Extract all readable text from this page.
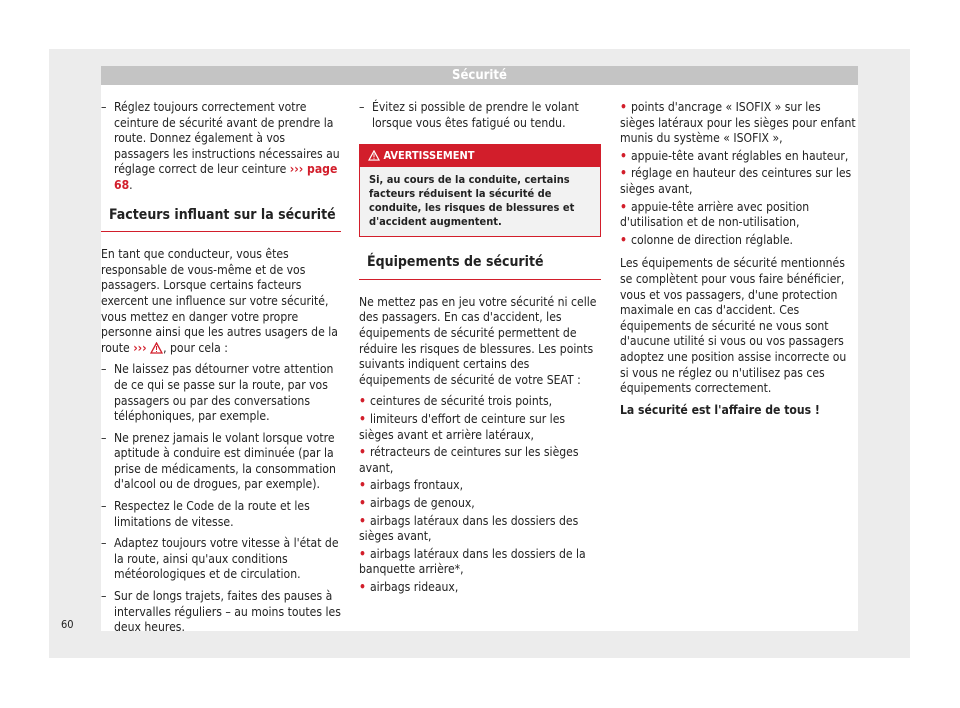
Sécurité
– Réglez toujours correctement votre ceinture de sécurité avant de prendre la route. Donnez également à vos passagers les instructions nécessaires au réglage correct de leur ceinture ››› page 68.
Facteurs influant sur la sécurité

En tant que conducteur, vous êtes responsable de vous-même et de vos passagers. Lorsque certains facteurs exercent une influence sur votre sécurité, vous mettez en danger votre propre personne ainsi que les autres usagers de la route ››› , pour cela :

– Ne laissez pas détourner votre attention de ce qui se passe sur la route, par vos passagers ou par des conversations téléphoniques, par exemple.
– Ne prenez jamais le volant lorsque votre aptitude à conduire est diminuée (par la prise de médicaments, la consommation d'alcool ou de drogues, par exemple).
– Respectez le Code de la route et les limitations de vitesse.
– Adaptez toujours votre vitesse à l'état de la route, ainsi qu'aux conditions météorologiques et de circulation.
– Sur de longs trajets, faites des pauses à intervalles réguliers – au moins toutes les deux heures.
– Évitez si possible de prendre le volant lorsque vous êtes fatigué ou tendu.
AVERTISSEMENT
Si, au cours de la conduite, certains facteurs réduisent la sécurité de conduite, les risques de blessures et d'accident augmentent.
Équipements de sécurité

Ne mettez pas en jeu votre sécurité ni celle des passagers. En cas d'accident, les équipements de sécurité permettent de réduire les risques de blessures. Les points suivants indiquent certains des équipements de sécurité de votre SEAT :

• ceintures de sécurité trois points,
• limiteurs d'effort de ceinture sur les sièges avant et arrière latéraux,
• rétracteurs de ceintures sur les sièges avant,
• airbags frontaux,
• airbags de genoux,
• airbags latéraux dans les dossiers des sièges avant,
• airbags latéraux dans les dossiers de la banquette arrière*,
• airbags rideaux,
• points d'ancrage « ISOFIX » sur les sièges latéraux pour les sièges pour enfant munis du système « ISOFIX »,
• appuie-tête avant réglables en hauteur,
• réglage en hauteur des ceintures sur les sièges avant,
• appuie-tête arrière avec position d'utilisation et de non-utilisation,
• colonne de direction réglable.

Les équipements de sécurité mentionnés se complètent pour vous faire bénéficier, vous et vos passagers, d'une protection maximale en cas d'accident. Ces équipements de sécurité ne vous sont d'aucune utilité si vous ou vos passagers adoptez une position assise incorrecte ou si vous ne réglez ou n'utilisez pas ces équipements correctement.

La sécurité est l'affaire de tous !

60
